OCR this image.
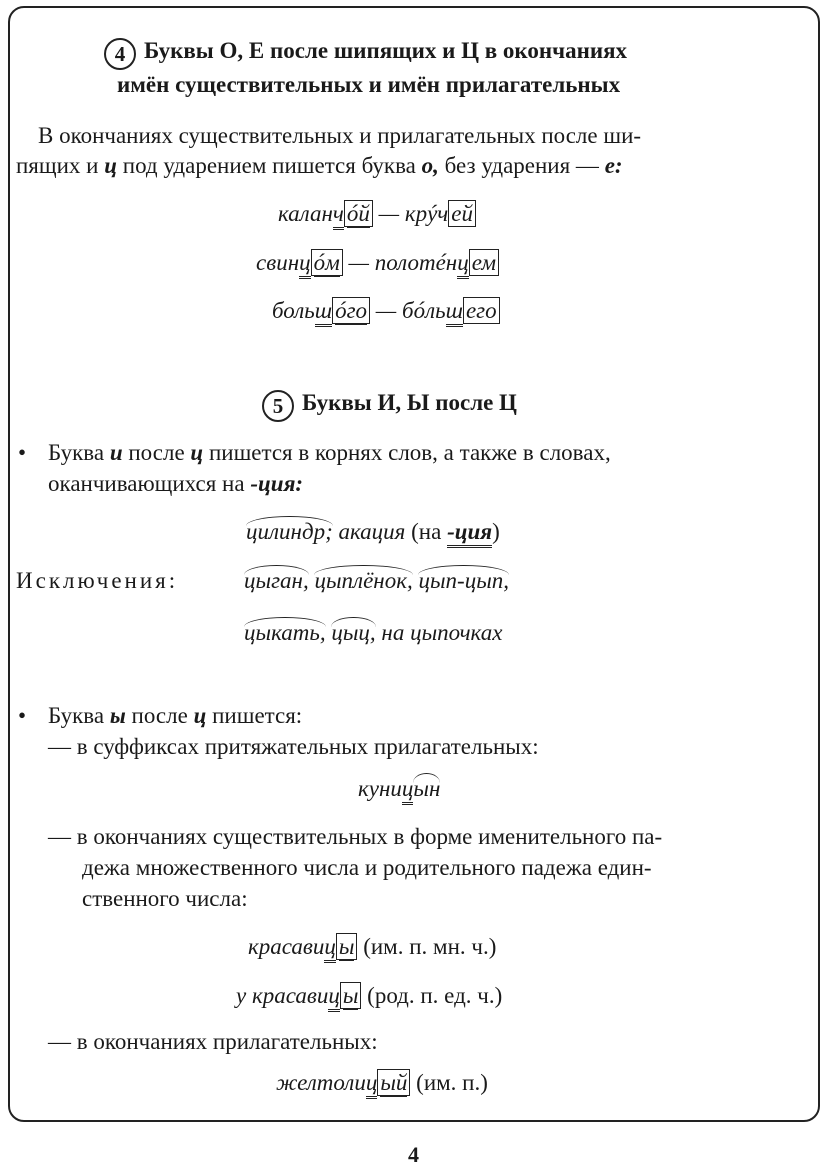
4 Буквы О, Е после шипящих и Ц в окончаниях
имён существительных и имён прилагательных
В окончаниях существительных и прилагательных после ши-
пящих и ц под ударением пишется буква о, без ударения — е:
каланч óй — крýч ей
свинц óм — полотéнц ем
больш óго — бóльш его
5 Буквы И, Ы после Ц
• Буква и после ц пишется в корнях слов, а также в словах,
оканчивающихся на -ция:
цилиндр; акация (на -ция)
Исключения:	цыган, цыплёнок, цып-цып,
цыкать, цыц, на цыпочках
• Буква ы после ц пишется:
— в суффиксах притяжательных прилагательных:
куницын
— в окончаниях существительных в форме именительного па-
дежа множественного числа и родительного падежа един-
ственного числа:
красавиц ы (им. п. мн. ч.)
у красавиц ы (род. п. ед. ч.)
— в окончаниях прилагательных:
желтолиц ый (им. п.)
4
